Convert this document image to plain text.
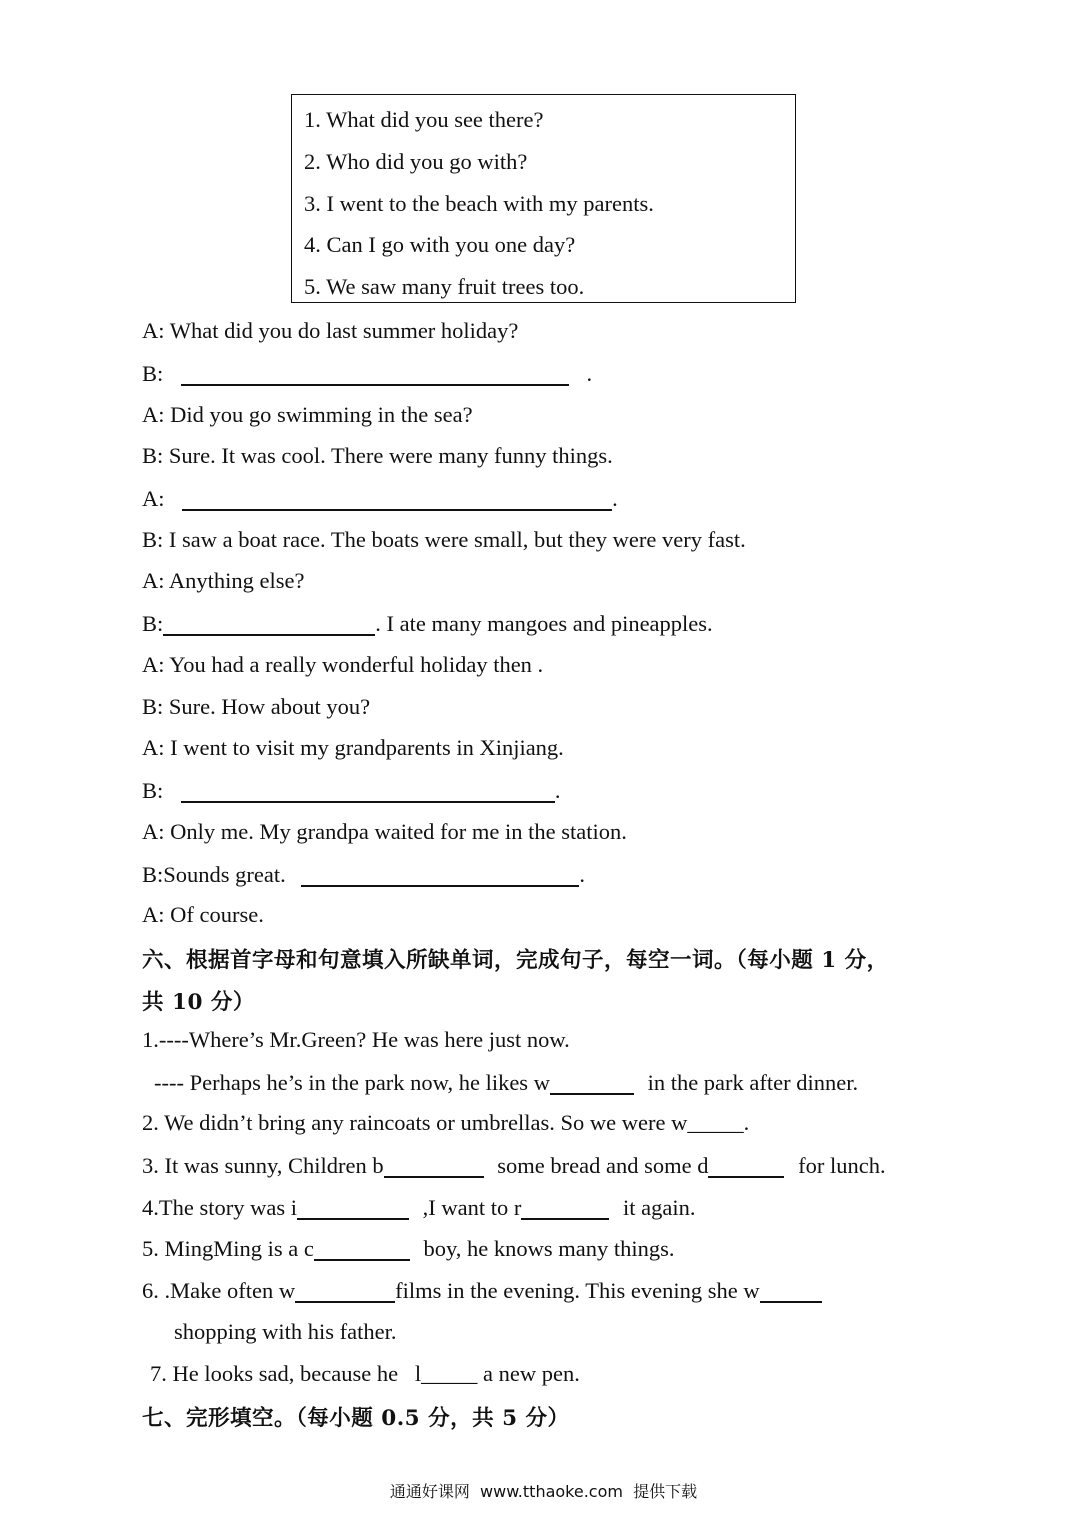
1. What did you see there?
2. Who did you go with?
3. I went to the beach with my parents.
4. Can I go with you one day?
5. We saw many fruit trees too.
A: What did you do last summer holiday?
B:	.
A: Did you go swimming in the sea?
B: Sure. It was cool. There were many funny things.
A:	.
B: I saw a boat race. The boats were small, but they were very fast.
A: Anything else?
B:	. I ate many mangoes and pineapples.
A: You had a really wonderful holiday then .
B: Sure. How about you?
A: I went to visit my grandparents in Xinjiang.
B:	.
A: Only me. My grandpa waited for me in the station.
B:Sounds great.	.
A: Of course.
六、根据首字母和句意填入所缺单词，完成句子，每空一词。（每小题 1 分，
共 10 分）
1.----Where’s Mr.Green? He was here just now.
---- Perhaps he’s in the park now, he likes w	in the park after dinner.
2. We didn’t bring any raincoats or umbrellas. So we were w_____.
3. It was sunny, Children b	some bread and some d	for lunch.
4.The story was i	,I want to r	it again.
5. MingMing is a c	boy, he knows many things.
6. .Make often w	films in the evening. This evening she w
shopping with his father.
7. He looks sad, because he   l_____ a new pen.
七、完形填空。（每小题 0.5 分，共 5 分）
通通好课网  www.tthaoke.com  提供下载
